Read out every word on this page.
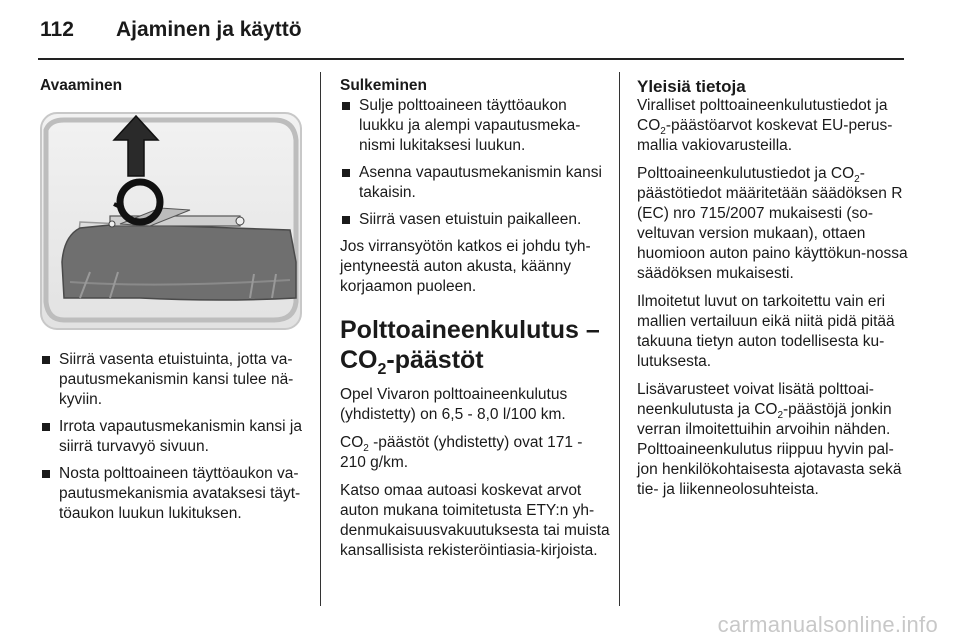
112 Ajaminen ja käyttö
Avaaminen
Siirrä vasenta etuistuinta, jotta va-pautusmekanismin kansi tulee nä-kyviin.
Irrota vapautusmekanismin kansi ja siirrä turvavyö sivuun.
Nosta polttoaineen täyttöaukon va-pautusmekanismia avataksesi täyt-töaukon luukun lukituksen.
Sulkeminen
Sulje polttoaineen täyttöaukon luukku ja alempi vapautusmeka-nismi lukitaksesi luukun.
Asenna vapautusmekanismin kansi takaisin.
Siirrä vasen etuistuin paikalleen.

Jos virransyötön katkos ei johdu tyh-jentyneestä auton akusta, käänny korjaamon puoleen.

Polttoaineenkulutus –
$CO_2$-päästöt

Opel Vivaron polttoaineenkulutus (yhdistetty) on 6,5 - 8,0 l/100 km.

$CO_2$ -päästöt (yhdistetty) ovat 171 - 210 g/km.

Katso omaa autoasi koskevat arvot auton mukana toimitetusta ETY:n yh-denmukaisuusvakuutuksesta tai muista kansallisista rekisteröintiasia-kirjoista.

Yleisiä tietoja

Viralliset polttoaineenkulutustiedot ja $CO_2$-päästöarvot koskevat EU-perus-mallia vakiovarusteilla.

Polttoaineenkulutustiedot ja $CO_2$-päästötiedot määritetään säädöksen R (EC) nro 715/2007 mukaisesti (so-veltuvan version mukaan), ottaen huomioon auton paino käyttökun-nossa säädöksen mukaisesti.

Ilmoitetut luvut on tarkoitettu vain eri mallien vertailuun eikä niitä pidä pitää takuuna tietyn auton todellisesta ku-lutuksesta.

Lisävarusteet voivat lisätä polttoai-neenkulutusta ja $CO_2$-päästöjä jonkin verran ilmoitettuihin arvoihin nähden. Polttoaineenkulutus riippuu hyvin pal-jon henkilökohtaisesta ajotavasta sekä tie- ja liikenneolosuhteista.

carmanualsonline.info
